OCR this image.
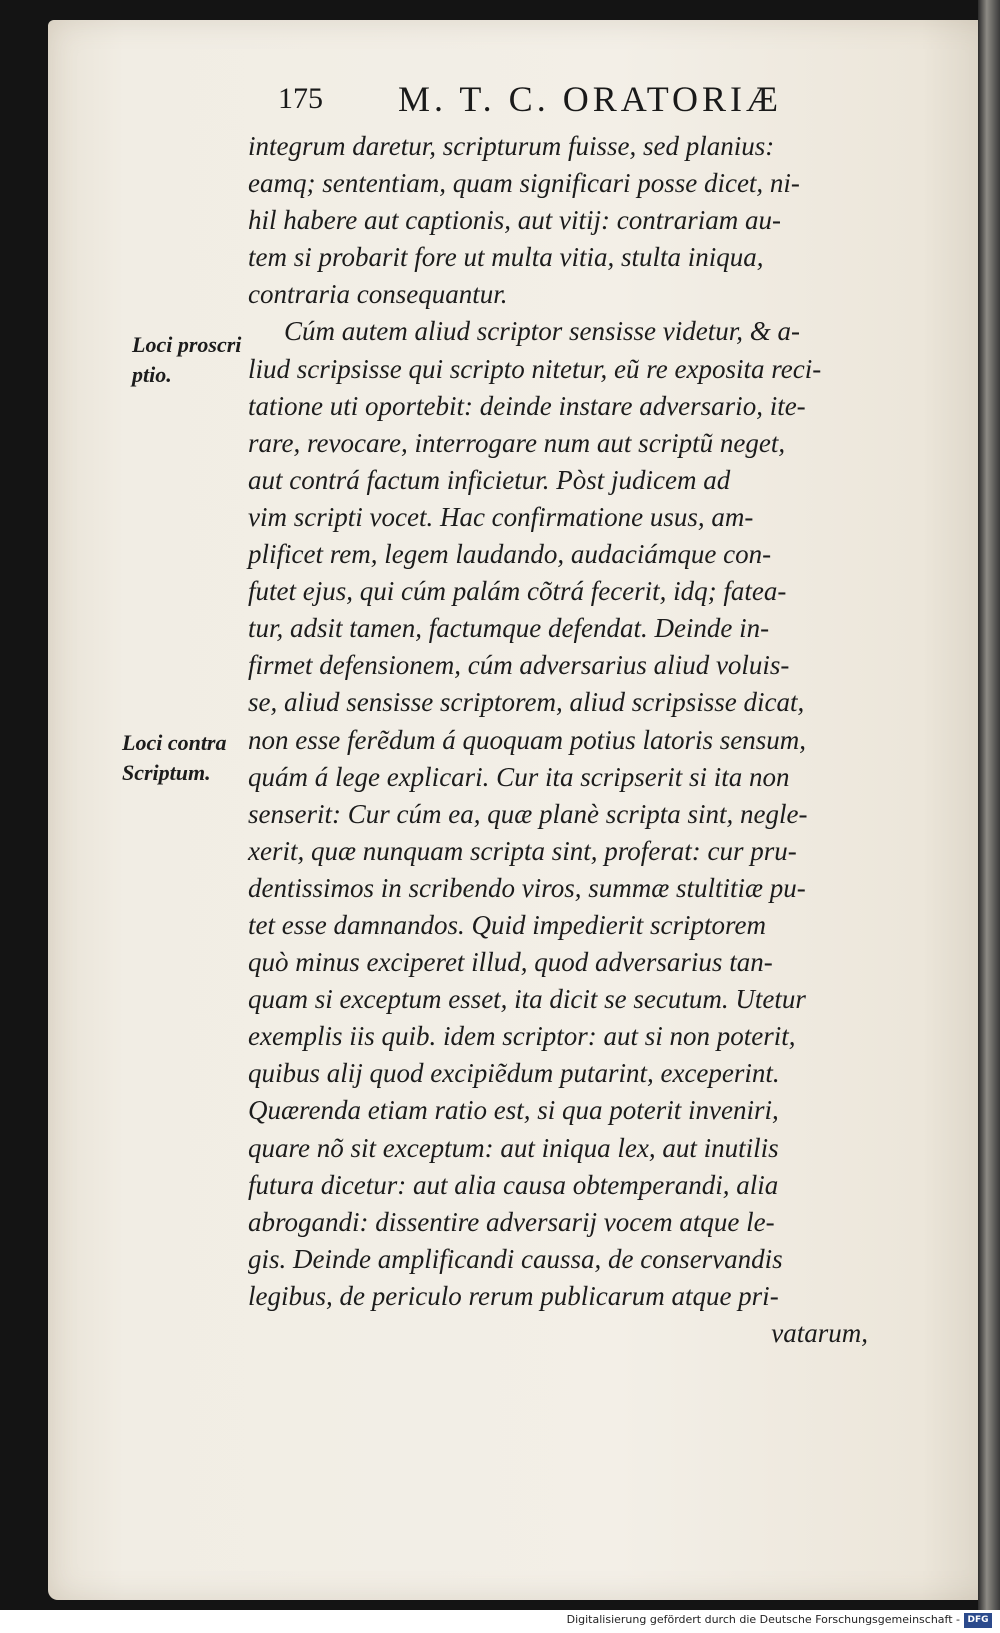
175 M. T. C. ORATORIÆ
Loci proscri
ptio.
Loci contra
Scriptum.
integrum daretur, scripturum fuisse, sed planius:
eamq; sententiam, quam significari posse dicet, ni-
hil habere aut captionis, aut vitij: contrariam au-
tem si probarit fore ut multa vitia, stulta iniqua,
contraria consequantur.
Cúm autem aliud scriptor sensisse videtur, & a-
liud scripsisse qui scripto nitetur, eũ re exposita reci-
tatione uti oportebit: deinde instare adversario, ite-
rare, revocare, interrogare num aut scriptũ neget,
aut contrá factum inficietur. Pòst judicem ad
vim scripti vocet. Hac confirmatione usus, am-
plificet rem, legem laudando, audaciámque con-
futet ejus, qui cúm palám cõtrá fecerit, idq; fatea-
tur, adsit tamen, factumque defendat. Deinde in-
firmet defensionem, cúm adversarius aliud voluis-
se, aliud sensisse scriptorem, aliud scripsisse dicat,
non esse ferẽdum á quoquam potius latoris sensum,
quám á lege explicari. Cur ita scripserit si ita non
senserit: Cur cúm ea, quæ planè scripta sint, negle-
xerit, quæ nunquam scripta sint, proferat: cur pru-
dentissimos in scribendo viros, summæ stultitiæ pu-
tet esse damnandos. Quid impedierit scriptorem
quò minus exciperet illud, quod adversarius tan-
quam si exceptum esset, ita dicit se secutum. Utetur
exemplis iis quib. idem scriptor: aut si non poterit,
quibus alij quod excipiẽdum putarint, exceperint.
Quærenda etiam ratio est, si qua poterit inveniri,
quare nõ sit exceptum: aut iniqua lex, aut inutilis
futura dicetur: aut alia causa obtemperandi, alia
abrogandi: dissentire adversarij vocem atque le-
gis. Deinde amplificandi caussa, de conservandis
legibus, de periculo rerum publicarum atque pri-
vatarum,
Digitalisierung gefördert durch die Deutsche Forschungsgemeinschaft - DFG
